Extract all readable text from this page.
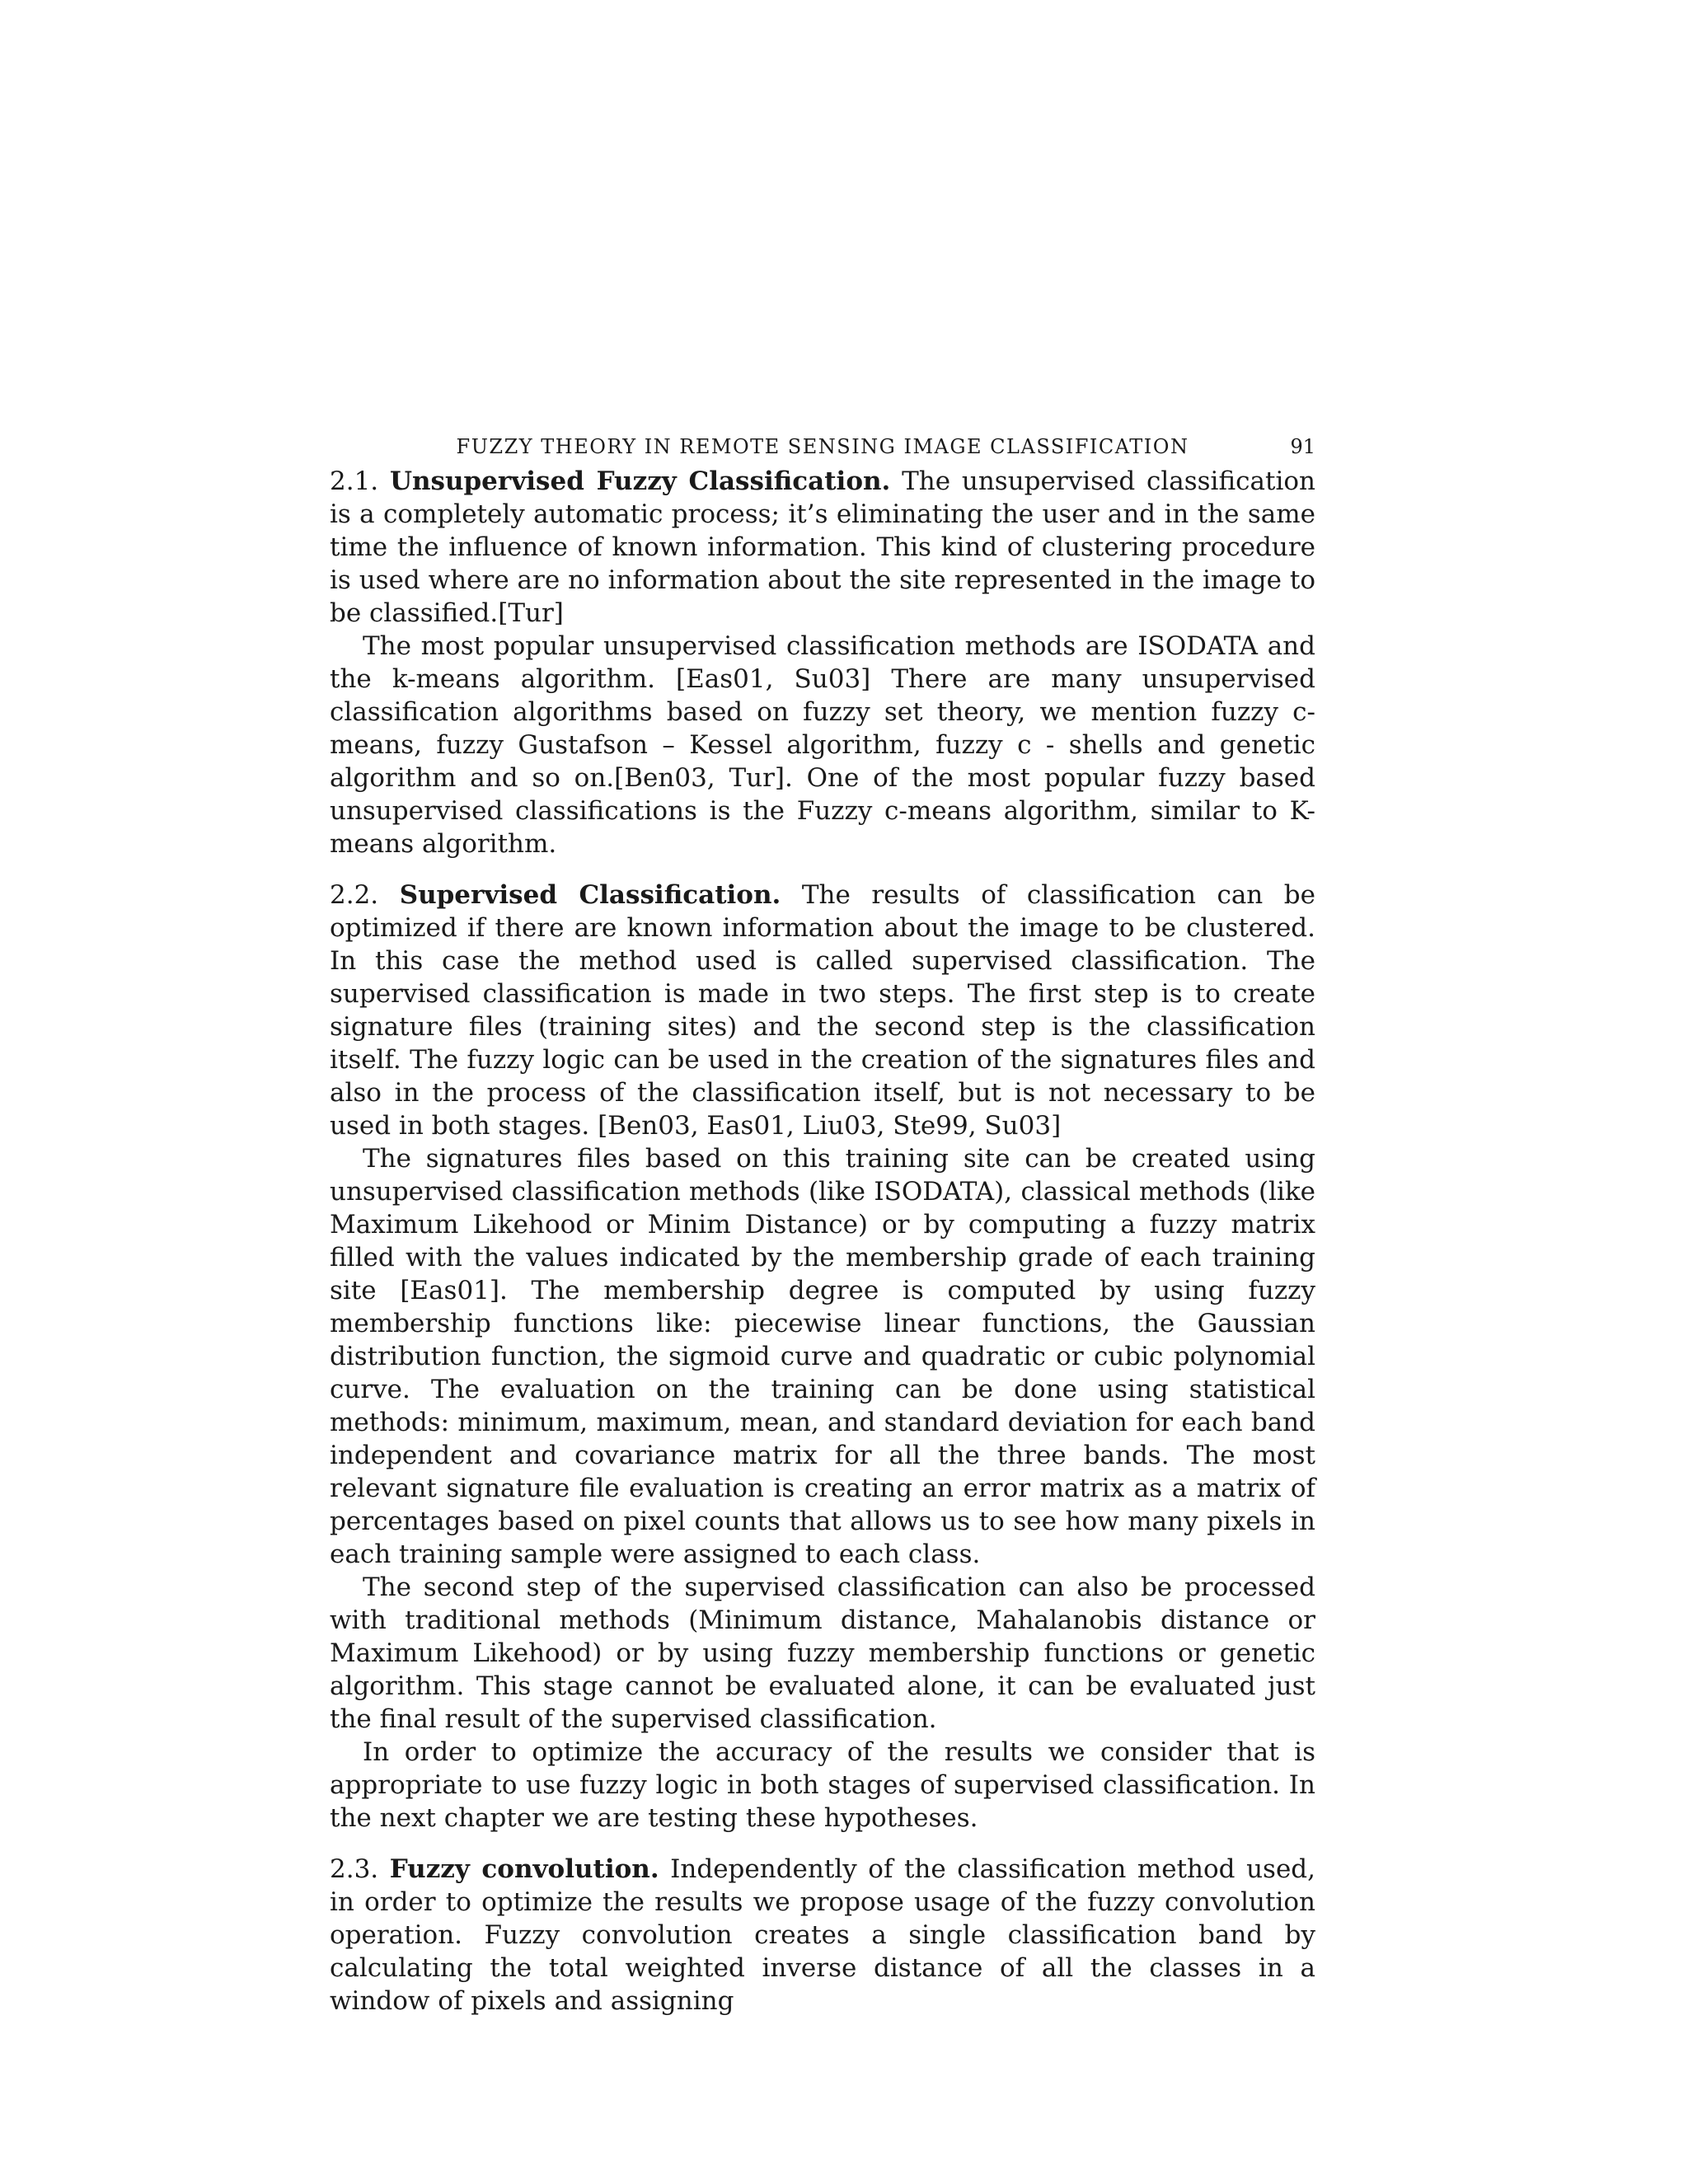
FUZZY THEORY IN REMOTE SENSING IMAGE CLASSIFICATION	91

2.1. Unsupervised Fuzzy Classification. The unsupervised classification is a completely automatic process; it’s eliminating the user and in the same time the influence of known information. This kind of clustering procedure is used where are no information about the site represented in the image to be classified.[Tur]

The most popular unsupervised classification methods are ISODATA and the k-means algorithm. [Eas01, Su03] There are many unsupervised classification algorithms based on fuzzy set theory, we mention fuzzy c-means, fuzzy Gustafson – Kessel algorithm, fuzzy c - shells and genetic algorithm and so on.[Ben03, Tur]. One of the most popular fuzzy based unsupervised classifications is the Fuzzy c-means algorithm, similar to K-means algorithm.

2.2. Supervised Classification. The results of classification can be optimized if there are known information about the image to be clustered. In this case the method used is called supervised classification. The supervised classification is made in two steps. The first step is to create signature files (training sites) and the second step is the classification itself. The fuzzy logic can be used in the creation of the signatures files and also in the process of the classification itself, but is not necessary to be used in both stages. [Ben03, Eas01, Liu03, Ste99, Su03]

The signatures files based on this training site can be created using unsupervised classification methods (like ISODATA), classical methods (like Maximum Likehood or Minim Distance) or by computing a fuzzy matrix filled with the values indicated by the membership grade of each training site [Eas01]. The membership degree is computed by using fuzzy membership functions like: piecewise linear functions, the Gaussian distribution function, the sigmoid curve and quadratic or cubic polynomial curve. The evaluation on the training can be done using statistical methods: minimum, maximum, mean, and standard deviation for each band independent and covariance matrix for all the three bands. The most relevant signature file evaluation is creating an error matrix as a matrix of percentages based on pixel counts that allows us to see how many pixels in each training sample were assigned to each class.

The second step of the supervised classification can also be processed with traditional methods (Minimum distance, Mahalanobis distance or Maximum Likehood) or by using fuzzy membership functions or genetic algorithm. This stage cannot be evaluated alone, it can be evaluated just the final result of the supervised classification.

In order to optimize the accuracy of the results we consider that is appropriate to use fuzzy logic in both stages of supervised classification. In the next chapter we are testing these hypotheses.

2.3. Fuzzy convolution. Independently of the classification method used, in order to optimize the results we propose usage of the fuzzy convolution operation. Fuzzy convolution creates a single classification band by calculating the total weighted inverse distance of all the classes in a window of pixels and assigning
